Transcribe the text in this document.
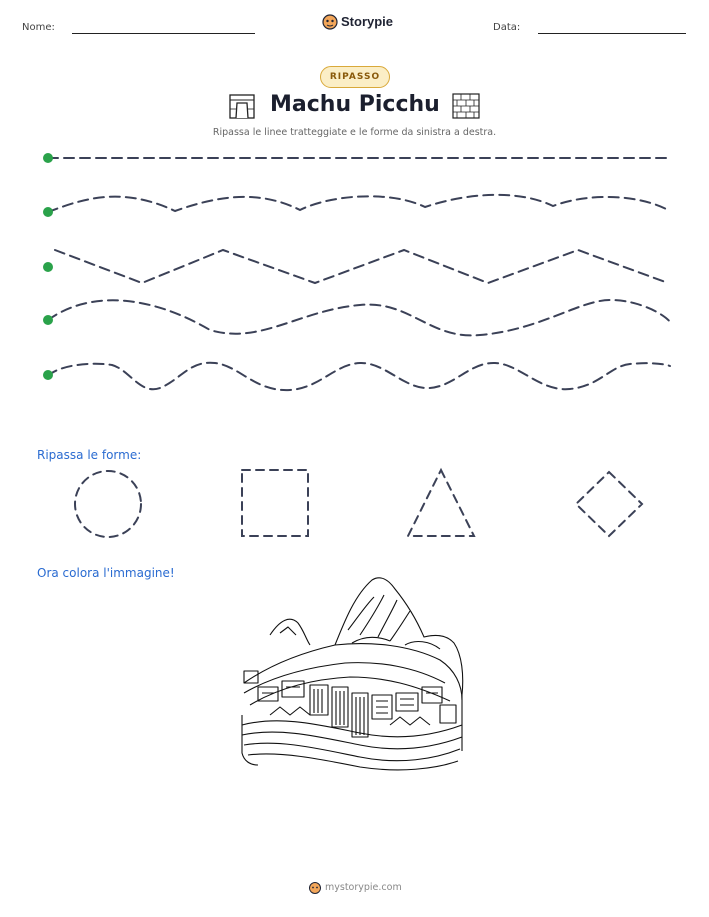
Nome:	Storypie	Data:
RIPASSO
Machu Picchu
Ripassa le linee tratteggiate e le forme da sinistra a destra.
Ripassa le forme:
Ora colora l'immagine!
mystorypie.com
